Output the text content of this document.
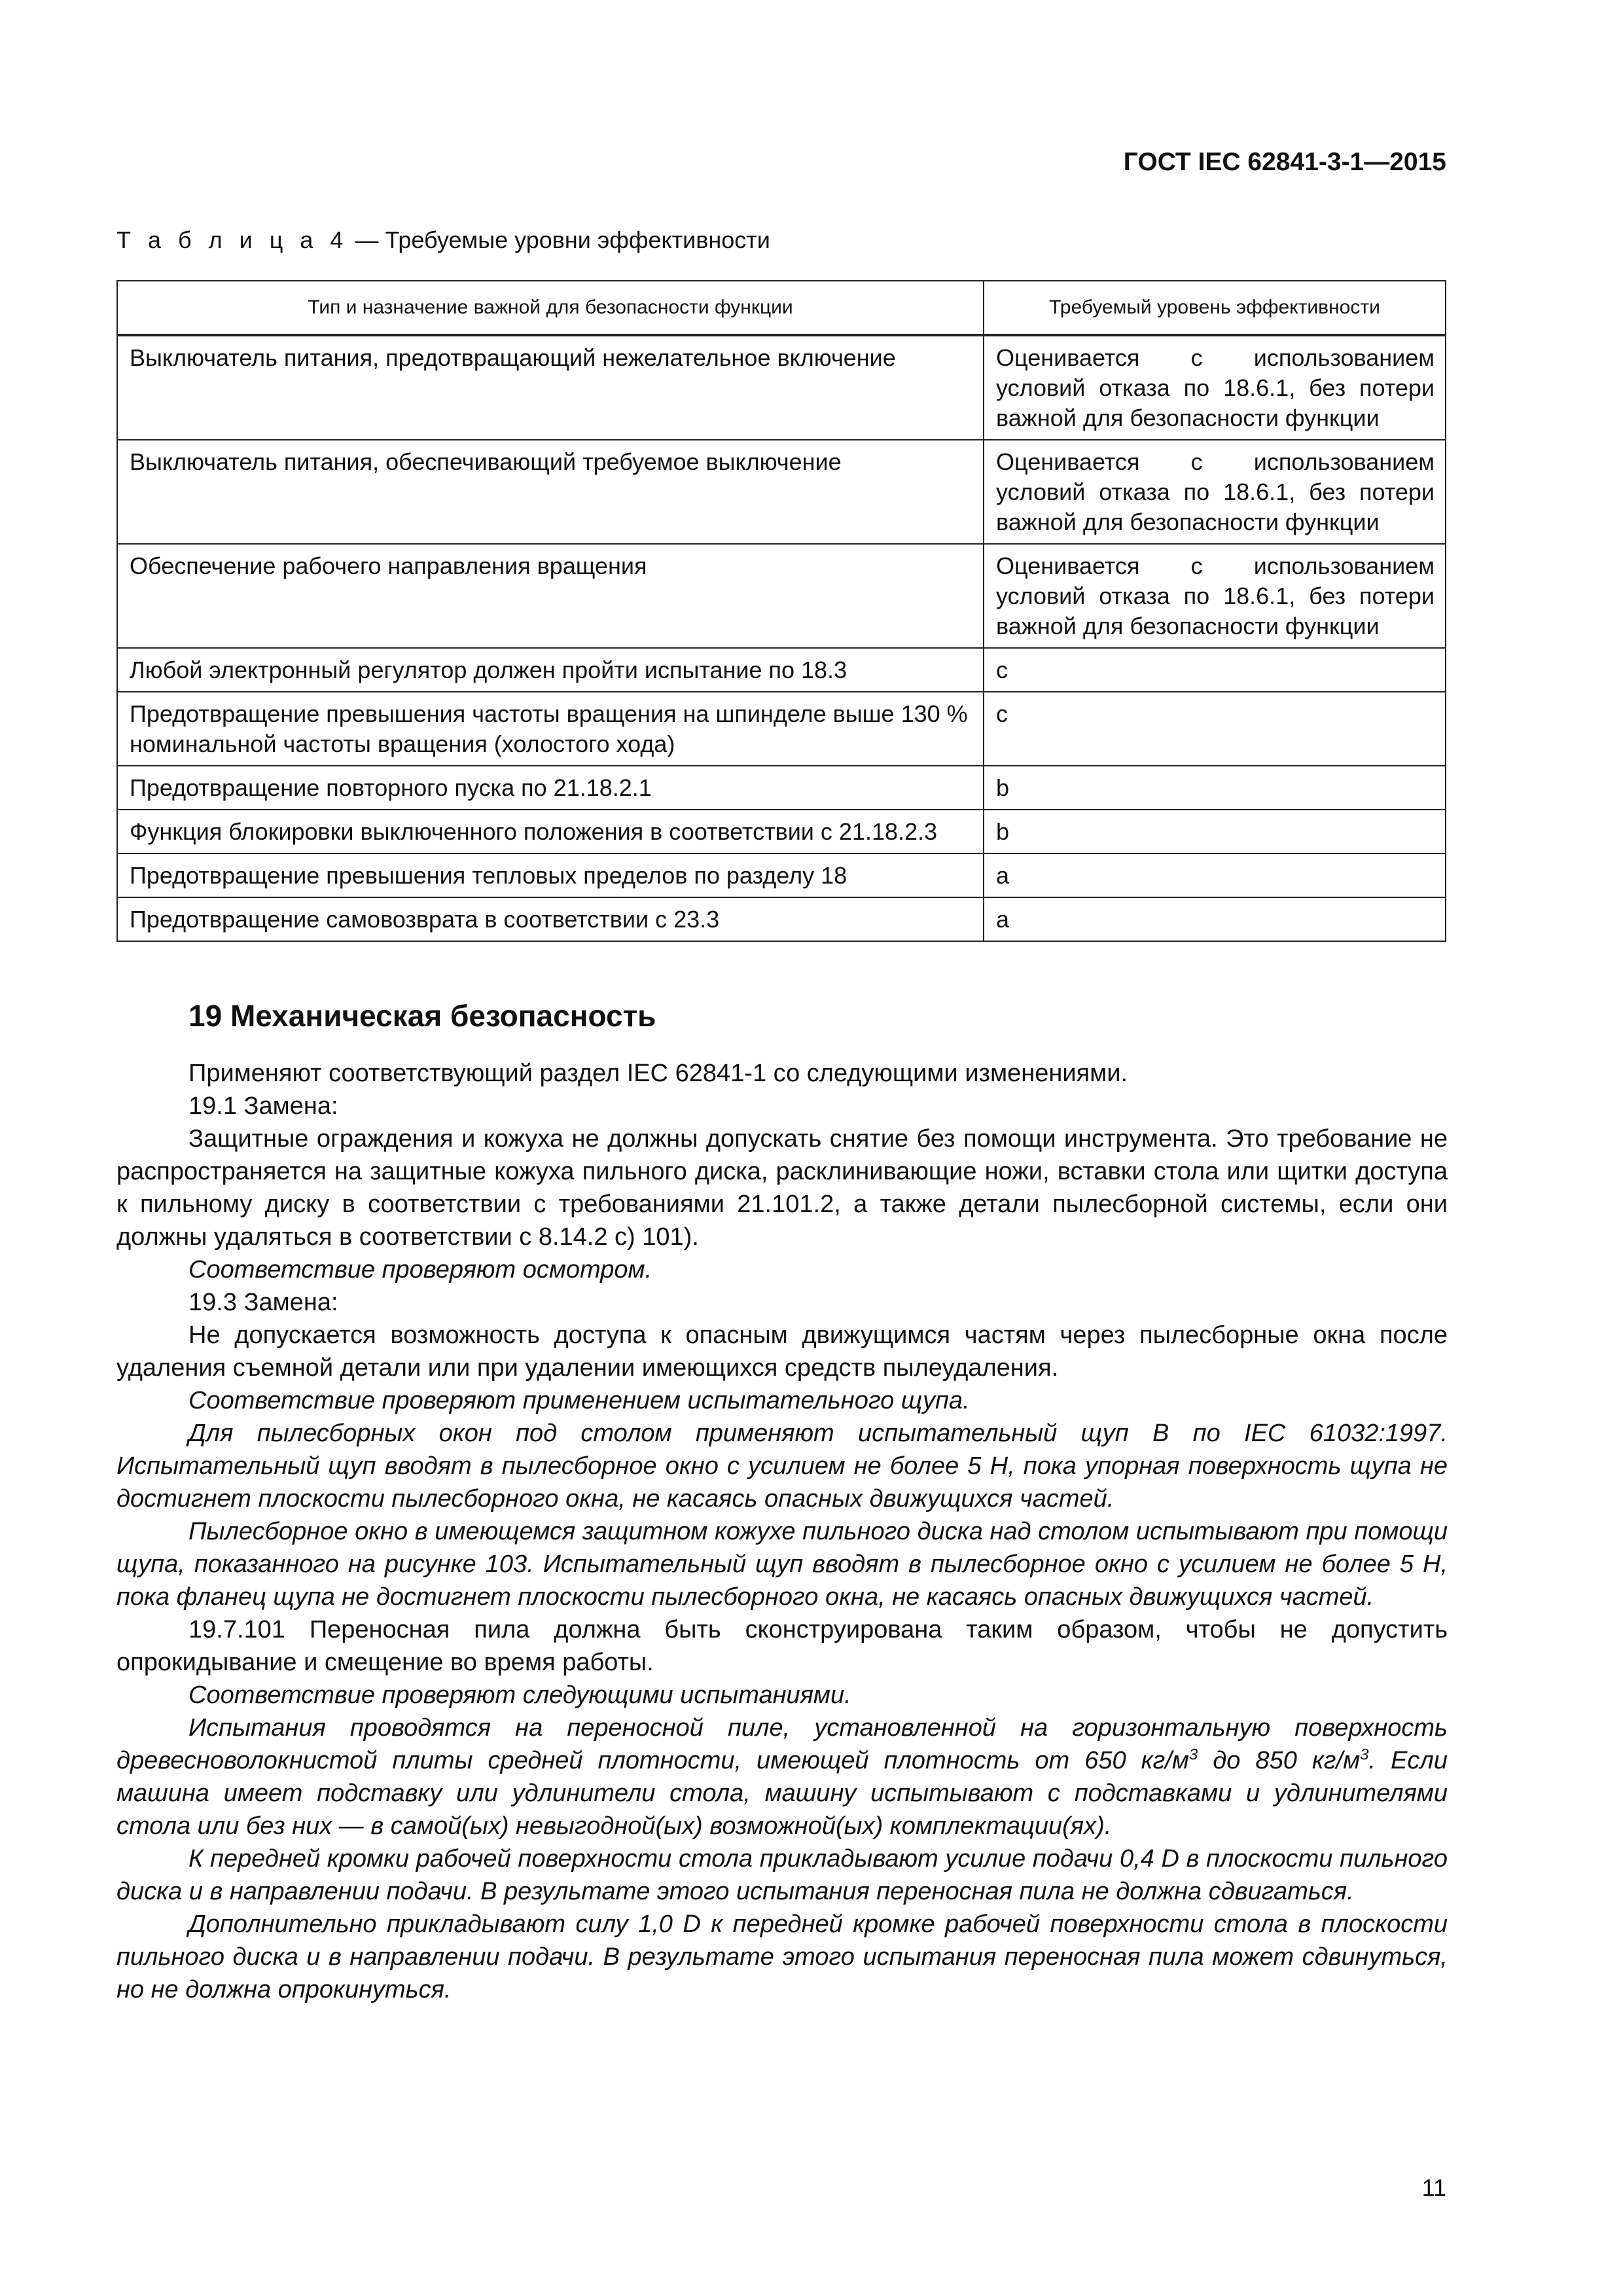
ГОСТ IEC 62841-3-1—2015
Т а б л и ц а 4 — Требуемые уровни эффективности
Тип и назначение важной для безопасности функции	Требуемый уровень эффективности
Выключатель питания, предотвращающий нежелательное включение	Оценивается с использованием условий отказа по 18.6.1, без потери важной для безопасности функции
Выключатель питания, обеспечивающий требуемое выключение	Оценивается с использованием условий отказа по 18.6.1, без потери важной для безопасности функции
Обеспечение рабочего направления вращения	Оценивается с использованием условий отказа по 18.6.1, без потери важной для безопасности функции
Любой электронный регулятор должен пройти испытание по 18.3	c
Предотвращение превышения частоты вращения на шпинделе выше 130 % номинальной частоты вращения (холостого хода)	c
Предотвращение повторного пуска по 21.18.2.1	b
Функция блокировки выключенного положения в соответствии с 21.18.2.3	b
Предотвращение превышения тепловых пределов по разделу 18	a
Предотвращение самовозврата в соответствии с 23.3	a
19 Механическая безопасность

Применяют соответствующий раздел IEC 62841-1 со следующими изменениями.

19.1 Замена:

Защитные ограждения и кожуха не должны допускать снятие без помощи инструмента. Это требование не распространяется на защитные кожуха пильного диска, расклинивающие ножи, вставки стола или щитки доступа к пильному диску в соответствии с требованиями 21.101.2, а также детали пылесборной системы, если они должны удаляться в соответствии с 8.14.2 с) 101).

Соответствие проверяют осмотром.

19.3 Замена:

Не допускается возможность доступа к опасным движущимся частям через пылесборные окна после удаления съемной детали или при удалении имеющихся средств пылеудаления.

Соответствие проверяют применением испытательного щупа.

Для пылесборных окон под столом применяют испытательный щуп В по IEC 61032:1997. Испытательный щуп вводят в пылесборное окно с усилием не более 5 Н, пока упорная поверхность щупа не достигнет плоскости пылесборного окна, не касаясь опасных движущихся частей.

Пылесборное окно в имеющемся защитном кожухе пильного диска над столом испытывают при помощи щупа, показанного на рисунке 103. Испытательный щуп вводят в пылесборное окно с усилием не более 5 Н, пока фланец щупа не достигнет плоскости пылесборного окна, не касаясь опасных движущихся частей.

19.7.101 Переносная пила должна быть сконструирована таким образом, чтобы не допустить опрокидывание и смещение во время работы.

Соответствие проверяют следующими испытаниями.

Испытания проводятся на переносной пиле, установленной на горизонтальную поверхность древесноволокнистой плиты средней плотности, имеющей плотность от 650 $кг/м^3$ до 850 $кг/м^3$. Если машина имеет подставку или удлинители стола, машину испытывают с подставками и удлинителями стола или без них — в самой(ых) невыгодной(ых) возможной(ых) комплектации(ях).

К передней кромки рабочей поверхности стола прикладывают усилие подачи 0,4 D в плоскости пильного диска и в направлении подачи. В результате этого испытания переносная пила не должна сдвигаться.

Дополнительно прикладывают силу 1,0 D к передней кромке рабочей поверхности стола в плоскости пильного диска и в направлении подачи. В результате этого испытания переносная пила может сдвинуться, но не должна опрокинуться.

11
